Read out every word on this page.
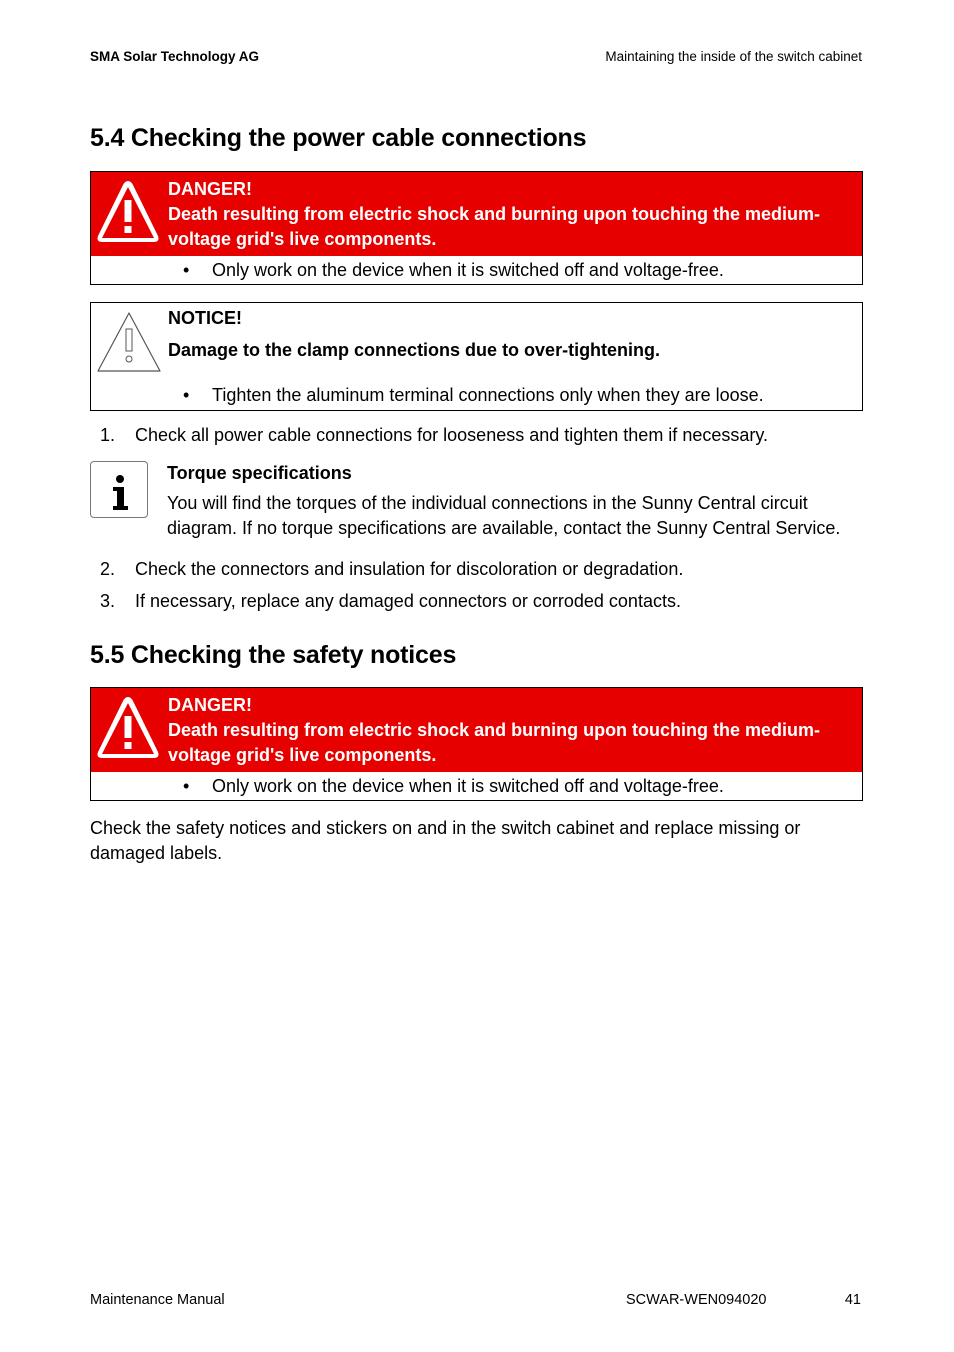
SMA Solar Technology AG	Maintaining the inside of the switch cabinet
5.4 Checking the power cable connections
DANGER!
Death resulting from electric shock and burning upon touching the medium-voltage grid's live components.
•	Only work on the device when it is switched off and voltage-free.
NOTICE!
Damage to the clamp connections due to over-tightening.
•	Tighten the aluminum terminal connections only when they are loose.
1. Check all power cable connections for looseness and tighten them if necessary.
Torque specifications
You will find the torques of the individual connections in the Sunny Central circuit diagram. If no torque specifications are available, contact the Sunny Central Service.
2. Check the connectors and insulation for discoloration or degradation.
3. If necessary, replace any damaged connectors or corroded contacts.
5.5 Checking the safety notices
DANGER!
Death resulting from electric shock and burning upon touching the medium-voltage grid's live components.
•	Only work on the device when it is switched off and voltage-free.
Check the safety notices and stickers on and in the switch cabinet and replace missing or damaged labels.
Maintenance Manual	SCWAR-WEN094020	41
